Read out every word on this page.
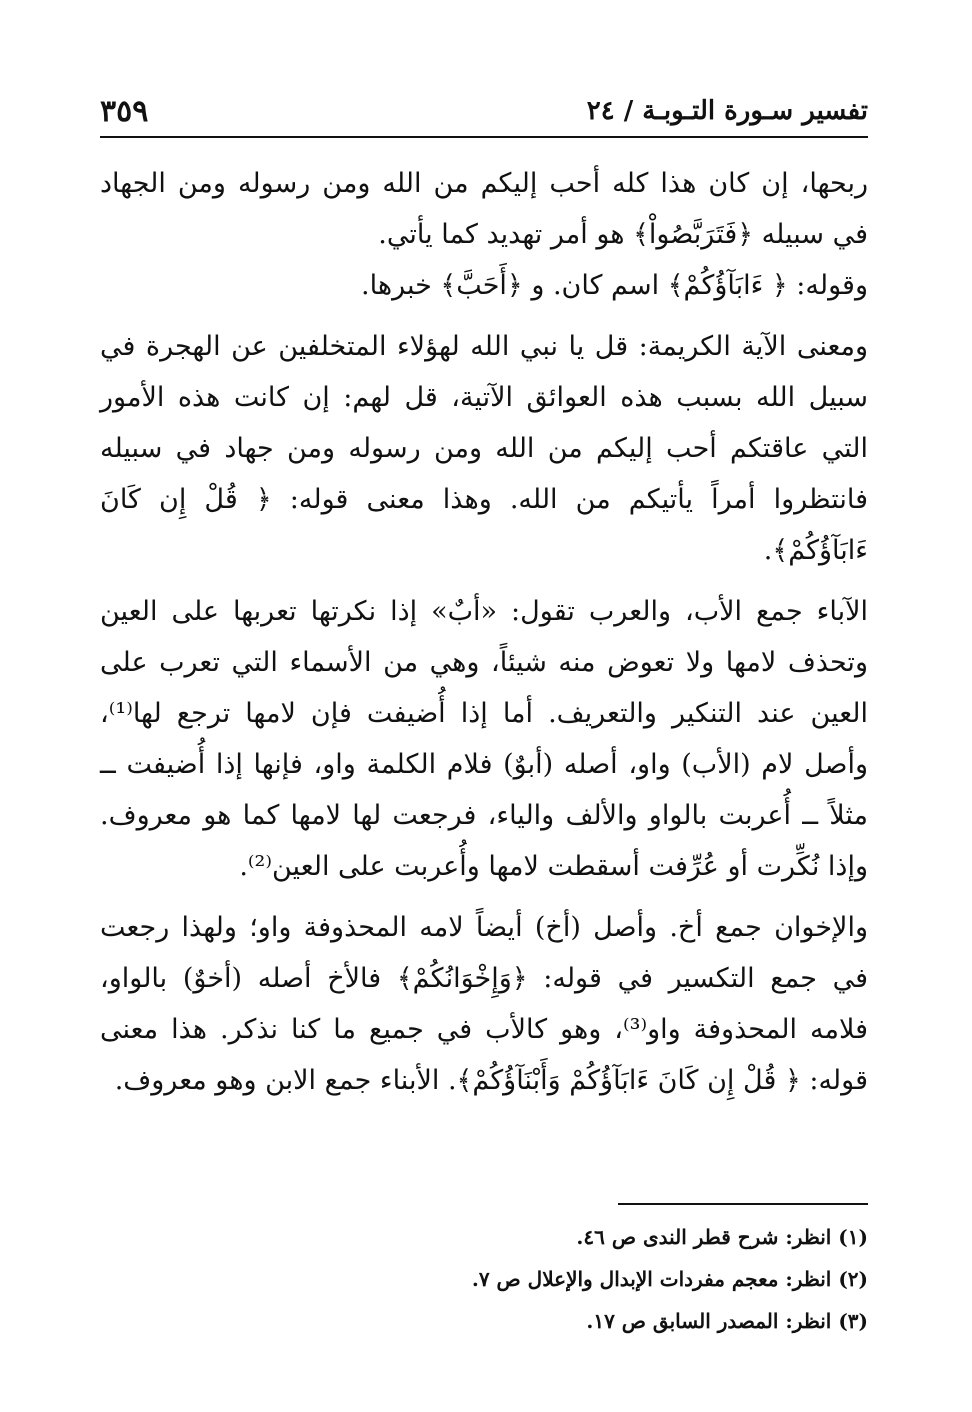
تفسير سـورة التـوبـة / ٢٤
٣٥٩

ربحها، إن كان هذا كله أحب إليكم من الله ومن رسوله ومن الجهاد في سبيله ﴿فَتَرَبَّصُواْ﴾ هو أمر تهديد كما يأتي.

وقوله: ﴿ ءَابَآؤُكُمْ﴾ اسم كان. و ﴿أَحَبَّ﴾ خبرها.

ومعنى الآية الكريمة: قل يا نبي الله لهؤلاء المتخلفين عن الهجرة في سبيل الله بسبب هذه العوائق الآتية، قل لهم: إن كانت هذه الأمور التي عاقتكم أحب إليكم من الله ومن رسوله ومن جهاد في سبيله فانتظروا أمراً يأتيكم من الله. وهذا معنى قوله: ﴿ قُلْ إِن كَانَ ءَابَآؤُكُمْ﴾.

الآباء جمع الأب، والعرب تقول: «أبٌ» إذا نكرتها تعربها على العين وتحذف لامها ولا تعوض منه شيئاً، وهي من الأسماء التي تعرب على العين عند التنكير والتعريف. أما إذا أُضيفت فإن لامها ترجع لها⁽¹⁾، وأصل لام (الأب) واو، أصله (أبوٌ) فلام الكلمة واو، فإنها إذا أُضيفت ــ مثلاً ــ أُعربت بالواو والألف والياء، فرجعت لها لامها كما هو معروف. وإذا نُكِّرت أو عُرِّفت أسقطت لامها وأُعربت على العين⁽²⁾.

والإخوان جمع أخ. وأصل (أخ) أيضاً لامه المحذوفة واو؛ ولهذا رجعت في جمع التكسير في قوله: ﴿وَإِخْوَانُكُمْ﴾ فالأخ أصله (أخوٌ) بالواو، فلامه المحذوفة واو⁽³⁾، وهو كالأب في جميع ما كنا نذكر. هذا معنى قوله: ﴿ قُلْ إِن كَانَ ءَابَآؤُكُمْ وَأَبْنَآؤُكُمْ﴾. الأبناء جمع الابن وهو معروف.

(١) انظر: شرح قطر الندى ص ٤٦.

(٢) انظر: معجم مفردات الإبدال والإعلال ص ٧.

(٣) انظر: المصدر السابق ص ١٧.
